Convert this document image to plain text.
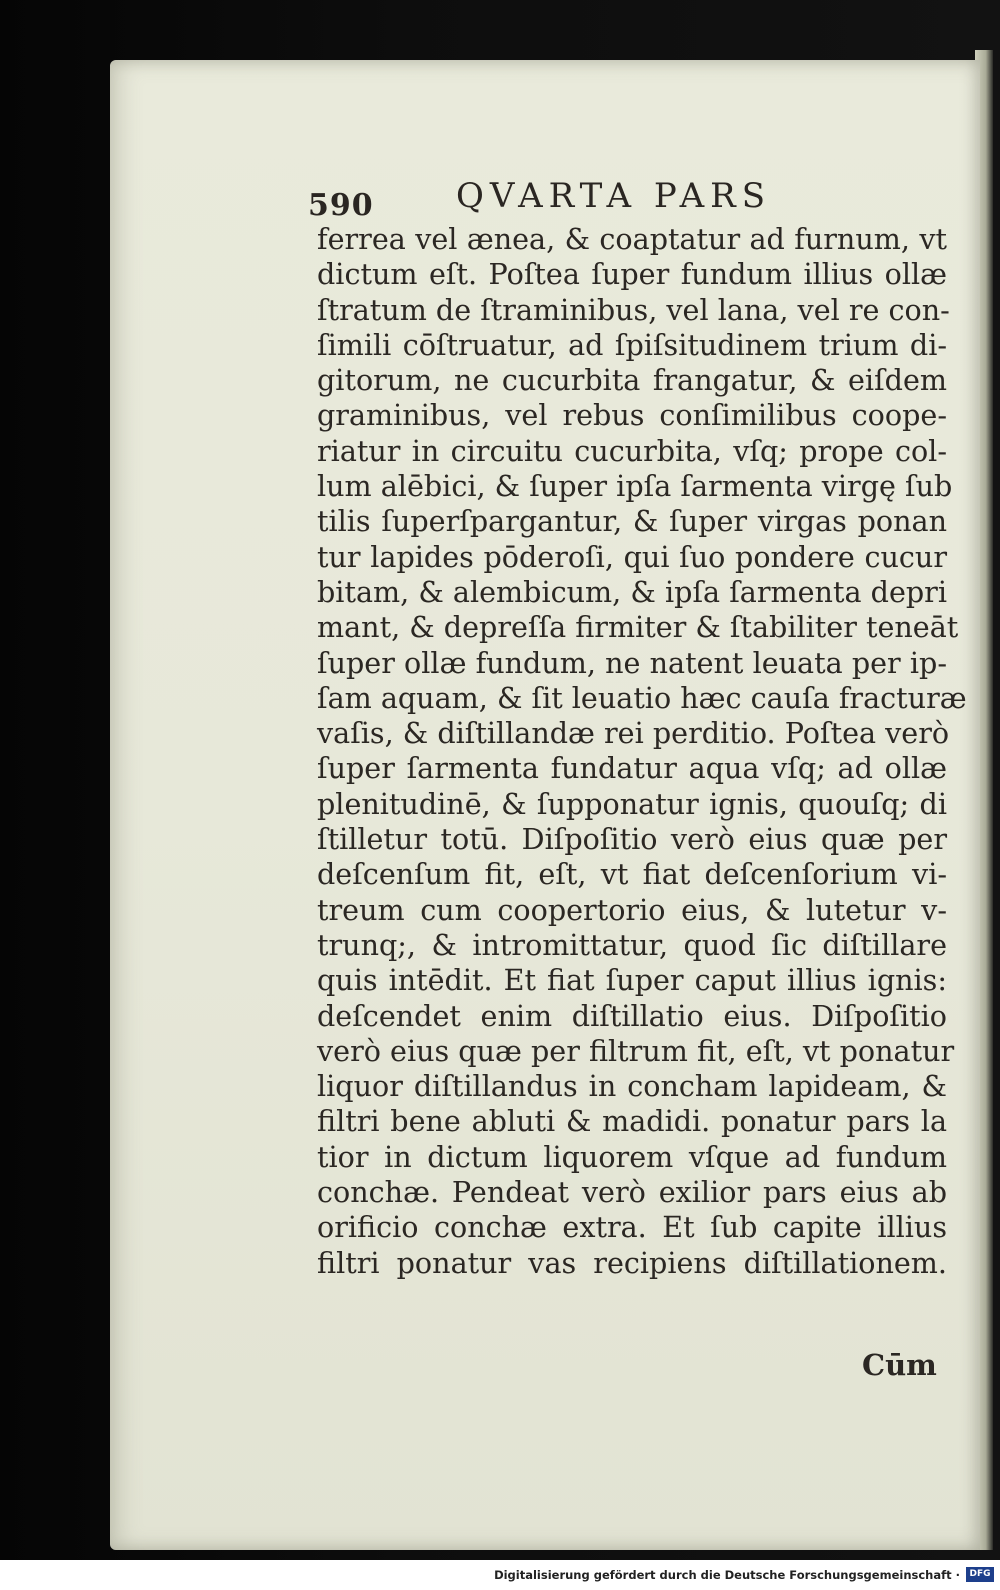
590 QVARTA PARS
ferrea vel ænea, & coaptatur ad furnum, vt
dictum eſt. Poſtea ſuper fundum illius ollæ
ſtratum de ſtraminibus, vel lana, vel re con-
ſimili cōſtruatur, ad ſpiſsitudinem trium di-
gitorum, ne cucurbita frangatur, & eiſdem
graminibus, vel rebus conſimilibus coope-
riatur in circuitu cucurbita, vſq; prope col-
lum alēbici, & ſuper ipſa ſarmenta virgę ſub
tilis ſuperſpargantur, & ſuper virgas ponan
tur lapides pōderoſi, qui ſuo pondere cucur
bitam, & alembicum, & ipſa ſarmenta depri
mant, & depreſſa firmiter & ſtabiliter teneāt
ſuper ollæ fundum, ne natent leuata per ip-
ſam aquam, & ſit leuatio hæc cauſa fracturæ
vaſis, & diſtillandæ rei perditio. Poſtea verò
ſuper ſarmenta fundatur aqua vſq; ad ollæ
plenitudinē, & ſupponatur ignis, quouſq; di
ſtilletur totū. Diſpoſitio verò eius quæ per
deſcenſum fit, eſt, vt fiat deſcenſorium vi-
treum cum coopertorio eius, & lutetur v-
trunq;, & intromittatur, quod ſic diſtillare
quis intēdit. Et fiat ſuper caput illius ignis:
deſcendet enim diſtillatio eius. Diſpoſitio
verò eius quæ per filtrum fit, eſt, vt ponatur
liquor diſtillandus in concham lapideam, &
filtri bene abluti & madidi. ponatur pars la
tior in dictum liquorem vſque ad fundum
conchæ. Pendeat verò exilior pars eius ab
orificio conchæ extra. Et ſub capite illius
filtri ponatur vas recipiens diſtillationem.
Cūm
Digitalisierung gefördert durch die Deutsche Forschungsgemeinschaft ·	DFG
